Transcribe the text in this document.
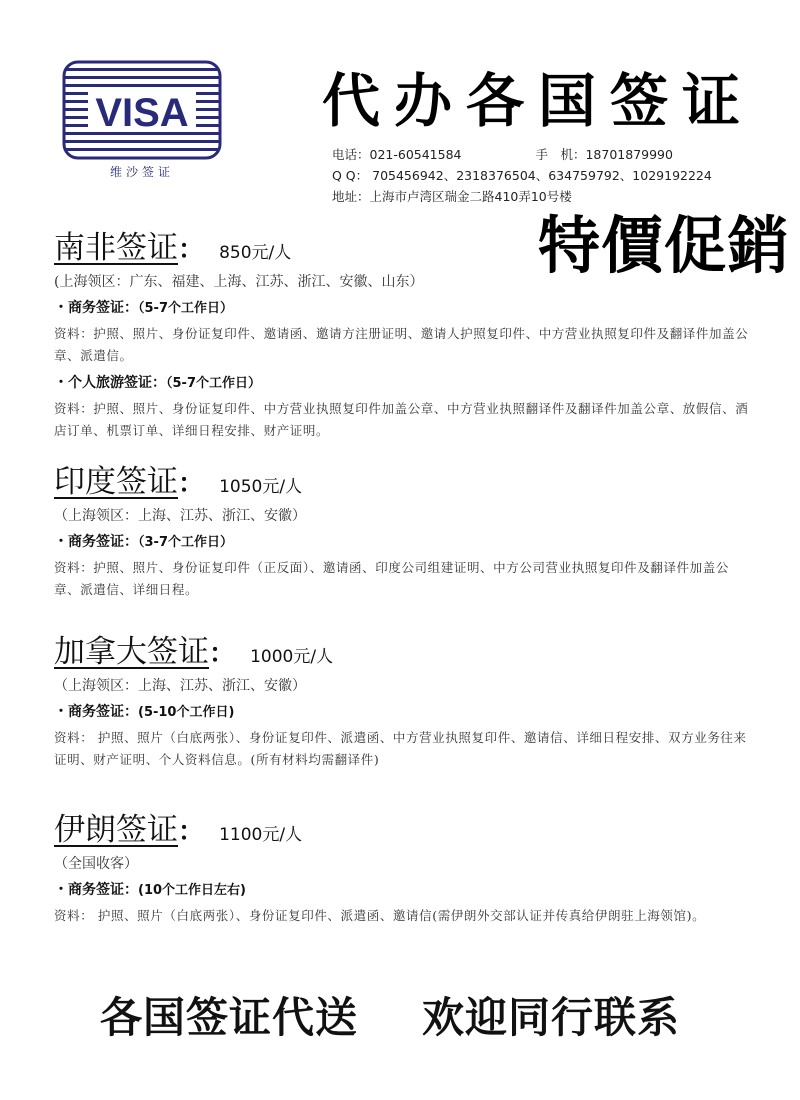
VISA
维沙签证
代办各国签证
电话：021-60541584	手　机：18701879990
Q Q： 705456942、2318376504、634759792、1029192224
地址：上海市卢湾区瑞金二路410弄10号楼
特價促銷
南非签证： 850元/人
(上海领区：广东、福建、上海、江苏、浙江、安徽、山东）
・商务签证：（5-7个工作日）
资料：护照、照片、身份证复印件、邀请函、邀请方注册证明、邀请人护照复印件、中方营业执照复印件及翻译件加盖公章、派遣信。
・个人旅游签证：（5-7个工作日）
资料：护照、照片、身份证复印件、中方营业执照复印件加盖公章、中方营业执照翻译件及翻译件加盖公章、放假信、酒店订单、机票订单、详细日程安排、财产证明。
印度签证： 1050元/人
（上海领区：上海、江苏、浙江、安徽）
・商务签证：（3-7个工作日）
资料：护照、照片、身份证复印件（正反面）、邀请函、印度公司组建证明、中方公司营业执照复印件及翻译件加盖公章、派遣信、详细日程。
加拿大签证： 1000元/人
（上海领区：上海、江苏、浙江、安徽）
・商务签证：(5-10个工作日)
资料： 护照、照片（白底两张）、身份证复印件、派遣函、中方营业执照复印件、邀请信、详细日程安排、双方业务往来证明、财产证明、个人资料信息。(所有材料均需翻译件)
伊朗签证： 1100元/人
（全国收客）
・商务签证：(10个工作日左右)
资料： 护照、照片（白底两张）、身份证复印件、派遣函、邀请信(需伊朗外交部认证并传真给伊朗驻上海领馆)。
各国签证代送 欢迎同行联系
